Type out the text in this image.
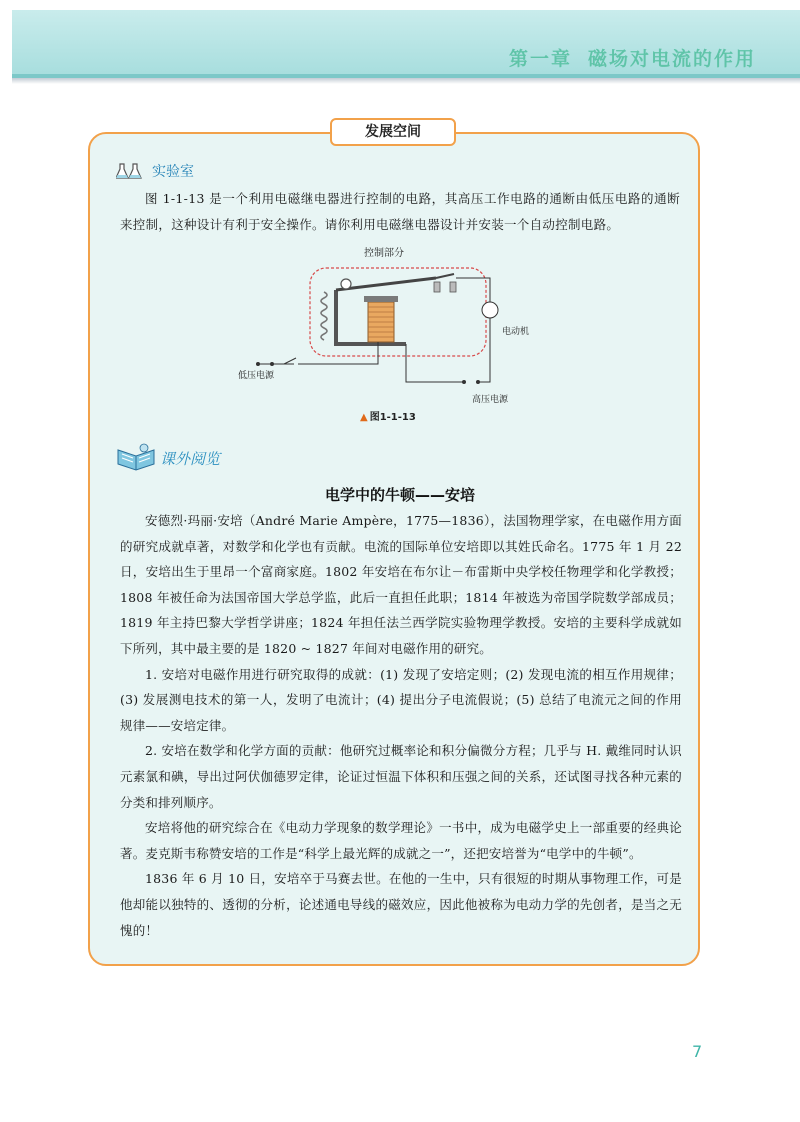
第一章 磁场对电流的作用
发展空间
实验室
图 1-1-13 是一个利用电磁继电器进行控制的电路，其高压工作电路的通断由低压电路的通断来控制，这种设计有利于安全操作。请你利用电磁继电器设计并安装一个自动控制电路。
控制部分
电动机
高压电源
低压电源
▲ 图1-1-13
课外阅览
电学中的牛顿——安培

安德烈·玛丽·安培（André Marie Ampère，1775—1836），法国物理学家，在电磁作用方面的研究成就卓著，对数学和化学也有贡献。电流的国际单位安培即以其姓氏命名。1775 年 1 月 22 日，安培出生于里昂一个富商家庭。1802 年安培在布尔让－布雷斯中央学校任物理学和化学教授；1808 年被任命为法国帝国大学总学监，此后一直担任此职；1814 年被选为帝国学院数学部成员；1819 年主持巴黎大学哲学讲座；1824 年担任法兰西学院实验物理学教授。安培的主要科学成就如下所列，其中最主要的是 1820 ~ 1827 年间对电磁作用的研究。

1. 安培对电磁作用进行研究取得的成就：(1) 发现了安培定则；(2) 发现电流的相互作用规律；(3) 发展测电技术的第一人，发明了电流计；(4) 提出分子电流假说；(5) 总结了电流元之间的作用规律——安培定律。

2. 安培在数学和化学方面的贡献：他研究过概率论和积分偏微分方程；几乎与 H. 戴维同时认识元素氯和碘，导出过阿伏伽德罗定律，论证过恒温下体积和压强之间的关系，还试图寻找各种元素的分类和排列顺序。

安培将他的研究综合在《电动力学现象的数学理论》一书中，成为电磁学史上一部重要的经典论著。麦克斯韦称赞安培的工作是“科学上最光辉的成就之一”，还把安培誉为“电学中的牛顿”。

1836 年 6 月 10 日，安培卒于马赛去世。在他的一生中，只有很短的时期从事物理工作，可是他却能以独特的、透彻的分析，论述通电导线的磁效应，因此他被称为电动力学的先创者，是当之无愧的！

7
